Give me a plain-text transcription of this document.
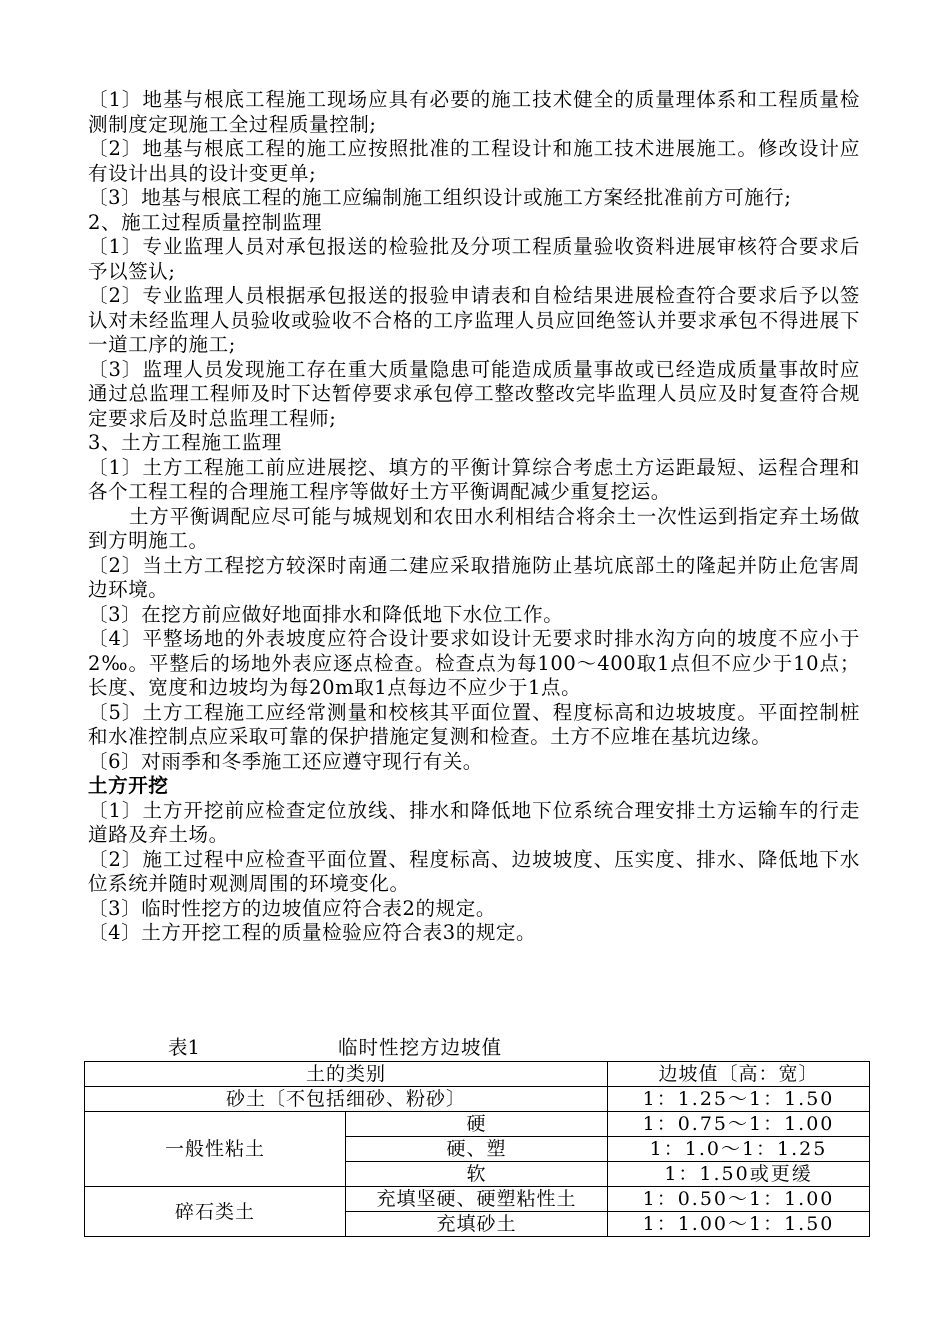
〔1〕地基与根底工程施工现场应具有必要的施工技术健全的质量理体系和工程质量检测制度定现施工全过程质量控制;

〔2〕地基与根底工程的施工应按照批准的工程设计和施工技术进展施工。修改设计应有设计出具的设计变更单;

〔3〕地基与根底工程的施工应编制施工组织设计或施工方案经批准前方可施行;

2、施工过程质量控制监理

〔1〕专业监理人员对承包报送的检验批及分项工程质量验收资料进展审核符合要求后予以签认;

〔2〕专业监理人员根据承包报送的报验申请表和自检结果进展检查符合要求后予以签认对未经监理人员验收或验收不合格的工序监理人员应回绝签认并要求承包不得进展下一道工序的施工;

〔3〕监理人员发现施工存在重大质量隐患可能造成质量事故或已经造成质量事故时应通过总监理工程师及时下达暂停要求承包停工整改整改完毕监理人员应及时复查符合规定要求后及时总监理工程师;

3、土方工程施工监理

〔1〕土方工程施工前应进展挖、填方的平衡计算综合考虑土方运距最短、运程合理和各个工程工程的合理施工程序等做好土方平衡调配减少重复挖运。

土方平衡调配应尽可能与城规划和农田水利相结合将余土一次性运到指定弃土场做到方明施工。

〔2〕当土方工程挖方较深时南通二建应采取措施防止基坑底部土的隆起并防止危害周边环境。

〔3〕在挖方前应做好地面排水和降低地下水位工作。

〔4〕平整场地的外表坡度应符合设计要求如设计无要求时排水沟方向的坡度不应小于2‰。平整后的场地外表应逐点检查。检查点为每100～400取1点但不应少于10点；长度、宽度和边坡均为每20m取1点每边不应少于1点。

〔5〕土方工程施工应经常测量和校核其平面位置、程度标高和边坡坡度。平面控制桩和水准控制点应采取可靠的保护措施定复测和检查。土方不应堆在基坑边缘。

〔6〕对雨季和冬季施工还应遵守现行有关。

土方开挖

〔1〕土方开挖前应检查定位放线、排水和降低地下位系统合理安排土方运输车的行走道路及弃土场。

〔2〕施工过程中应检查平面位置、程度标高、边坡坡度、压实度、排水、降低地下水位系统并随时观测周围的环境变化。

〔3〕临时性挖方的边坡值应符合表2的规定。

〔4〕土方开挖工程的质量检验应符合表3的规定。

表1	临时性挖方边坡值
土的类别		边坡值〔高：宽〕
砂土〔不包括细砂、粉砂〕		1：1.25～1：1.50
一般性粘土	硬	1：0.75～1：1.00
	硬、塑	1：1.0～1：1.25
	软	1：1.50或更缓
碎石类土	充填坚硬、硬塑粘性土	1：0.50～1：1.00
	充填砂土	1：1.00～1：1.50
